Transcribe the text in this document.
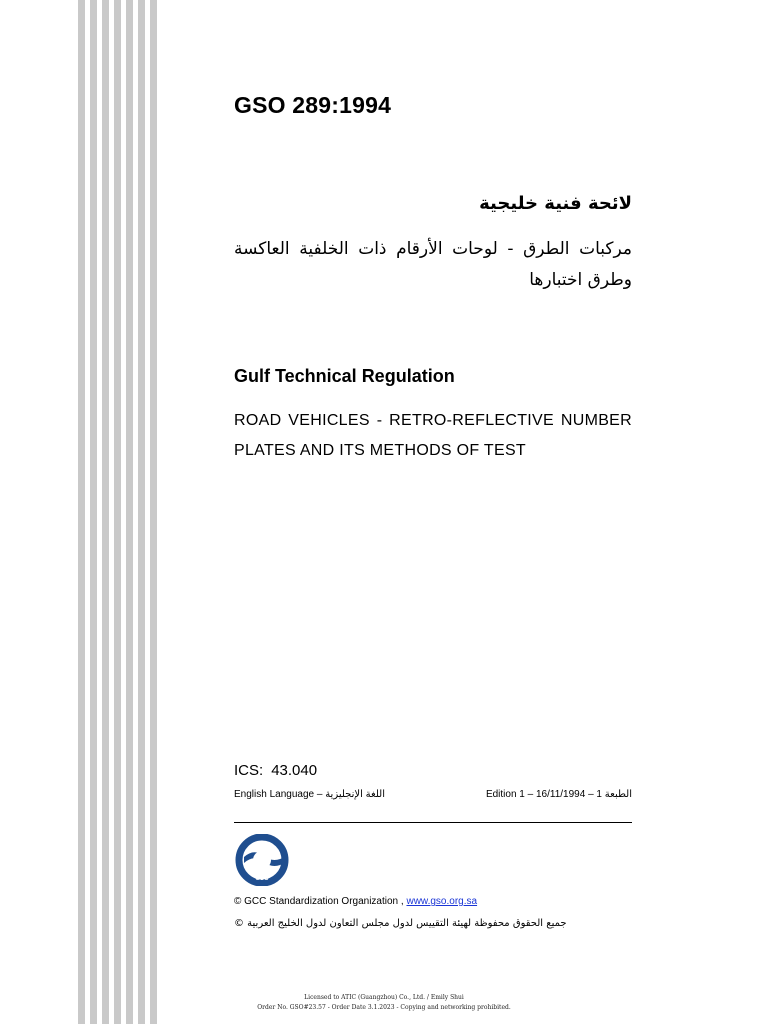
GSO 289:1994
لائحة فنية خليجية
مركبات الطرق - لوحات الأرقام ذات الخلفية العاكسة وطرق اختبارها
Gulf Technical Regulation
ROAD VEHICLES - RETRO-REFLECTIVE NUMBER PLATES AND ITS METHODS OF TEST
ICS: 43.040
English Language – اللغة الإنجليزية	Edition 1 – 16/11/1994 – الطبعة 1
GSO
© GCC Standardization Organization , www.gso.org.sa
جميع الحقوق محفوظة لهيئة التقييس لدول مجلس التعاون لدول الخليج العربية ©
Licensed to ATIC (Guangzhou) Co., Ltd. / Emily Shui
Order No. GSO#23.57 - Order Date 3.1.2023 - Copying and networking prohibited.
